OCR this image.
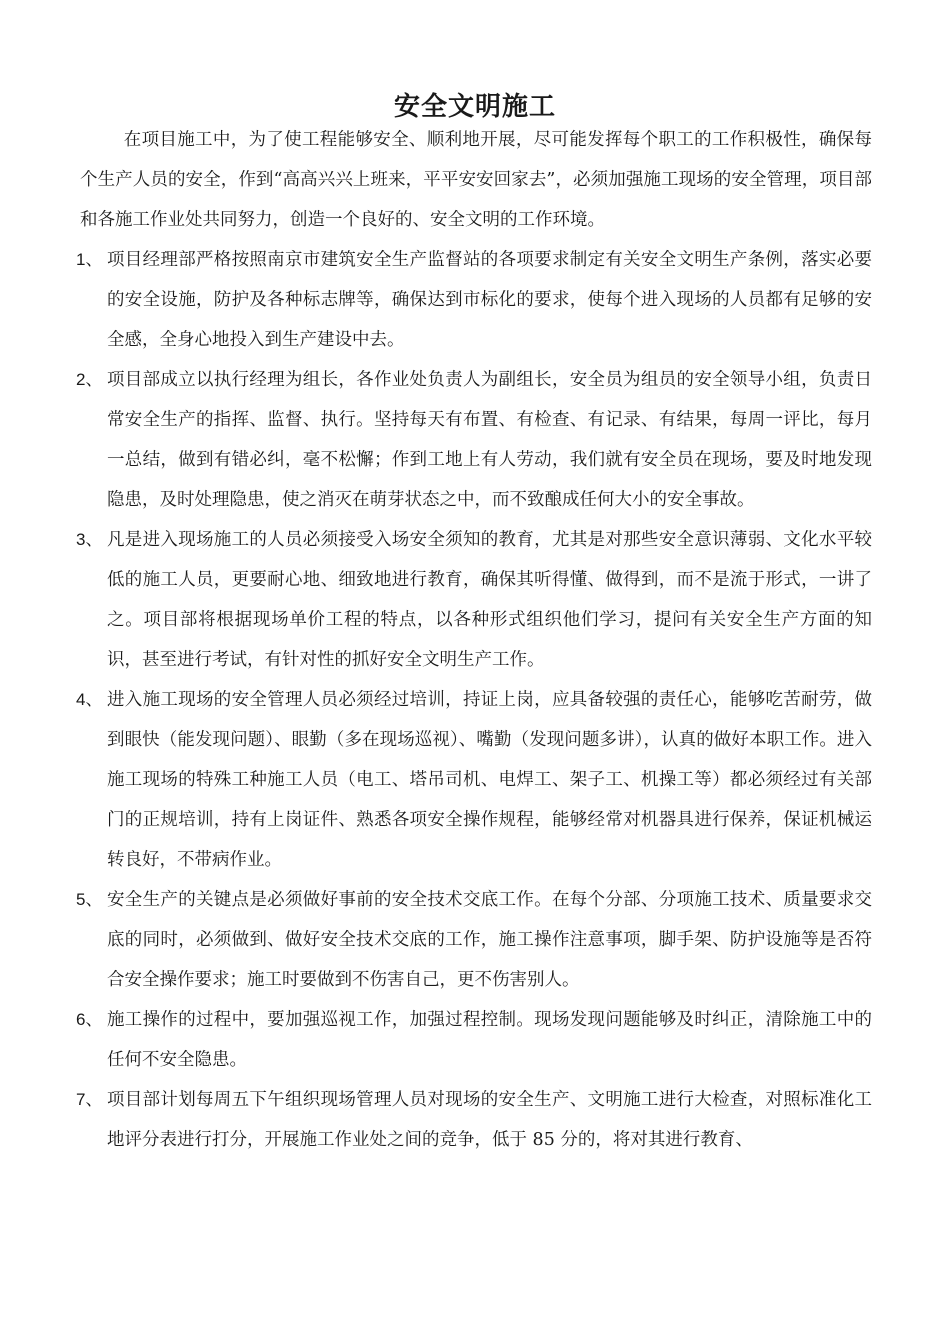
安全文明施工

在项目施工中，为了使工程能够安全、顺利地开展，尽可能发挥每个职工的工作积极性，确保每个生产人员的安全，作到“高高兴兴上班来，平平安安回家去”，必须加强施工现场的安全管理，项目部和各施工作业处共同努力，创造一个良好的、安全文明的工作环境。

1、 项目经理部严格按照南京市建筑安全生产监督站的各项要求制定有关安全文明生产条例，落实必要的安全设施，防护及各种标志牌等，确保达到市标化的要求，使每个进入现场的人员都有足够的安全感，全身心地投入到生产建设中去。
2、 项目部成立以执行经理为组长，各作业处负责人为副组长，安全员为组员的安全领导小组，负责日常安全生产的指挥、监督、执行。坚持每天有布置、有检查、有记录、有结果，每周一评比，每月一总结，做到有错必纠，毫不松懈；作到工地上有人劳动，我们就有安全员在现场，要及时地发现隐患，及时处理隐患，使之消灭在萌芽状态之中，而不致酿成任何大小的安全事故。
3、 凡是进入现场施工的人员必须接受入场安全须知的教育，尤其是对那些安全意识薄弱、文化水平较低的施工人员，更要耐心地、细致地进行教育，确保其听得懂、做得到，而不是流于形式，一讲了之。项目部将根据现场单价工程的特点，以各种形式组织他们学习，提问有关安全生产方面的知识，甚至进行考试，有针对性的抓好安全文明生产工作。
4、 进入施工现场的安全管理人员必须经过培训，持证上岗，应具备较强的责任心，能够吃苦耐劳，做到眼快（能发现问题）、眼勤（多在现场巡视）、嘴勤（发现问题多讲），认真的做好本职工作。进入施工现场的特殊工种施工人员（电工、塔吊司机、电焊工、架子工、机操工等）都必须经过有关部门的正规培训，持有上岗证件、熟悉各项安全操作规程，能够经常对机器具进行保养，保证机械运转良好，不带病作业。
5、 安全生产的关键点是必须做好事前的安全技术交底工作。在每个分部、分项施工技术、质量要求交底的同时，必须做到、做好安全技术交底的工作，施工操作注意事项，脚手架、防护设施等是否符合安全操作要求；施工时要做到不伤害自己，更不伤害别人。
6、 施工操作的过程中，要加强巡视工作，加强过程控制。现场发现问题能够及时纠正，清除施工中的任何不安全隐患。
7、 项目部计划每周五下午组织现场管理人员对现场的安全生产、文明施工进行大检查，对照标准化工地评分表进行打分，开展施工作业处之间的竞争，低于 85 分的，将对其进行教育、
